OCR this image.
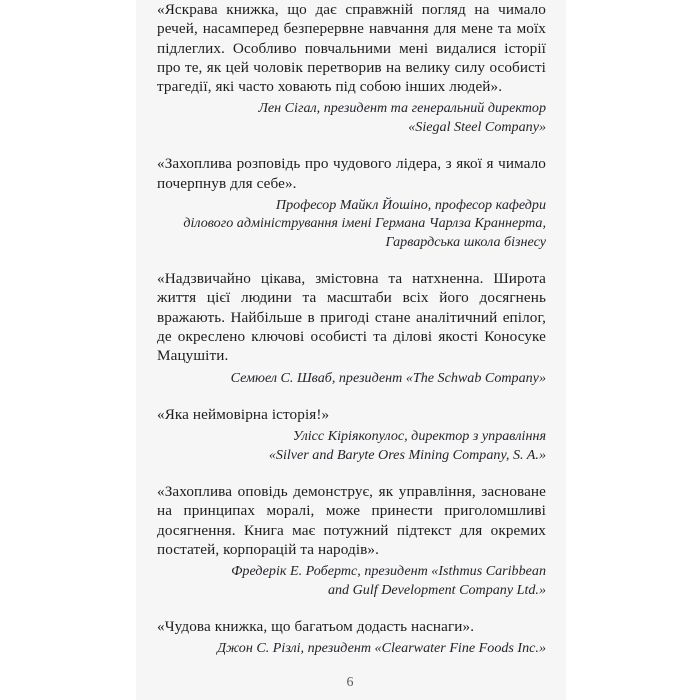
«Яскрава книжка, що дає справжній погляд на чимало речей, насамперед безперервне навчання для мене та моїх підлеглих. Особливо повчальними мені видалися історії про те, як цей чоловік перетворив на велику силу особисті трагедії, які часто ховають під собою інших людей».

Лен Сігал, президент та генеральний директор
«Siegal Steel Company»

«Захоплива розповідь про чудового лідера, з якої я чимало почерпнув для себе».

Професор Майкл Йошіно, професор кафедри
ділового адміністрування імені Германа Чарлза Краннерта,
Гарвардська школа бізнесу

«Надзвичайно цікава, змістовна та натхненна. Широта життя цієї людини та масштаби всіх його досягнень вражають. Найбільше в пригоді стане аналітичний епілог, де окреслено ключові особисті та ділові якості Коносуке Мацушіти.

Семюел С. Шваб, президент «The Schwab Company»

«Яка неймовірна історія!»

Улісс Кіріякопулос, директор з управління
«Silver and Baryte Ores Mining Company, S. A.»

«Захоплива оповідь демонструє, як управління, засноване на принципах моралі, може принести приголомшливі досягнення. Книга має потужний підтекст для окремих постатей, корпорацій та народів».

Фредерік Е. Робертс, президент «Isthmus Caribbean
and Gulf Development Company Ltd.»

«Чудова книжка, що багатьом додасть наснаги».

Джон С. Різлі, президент «Clearwater Fine Foods Inc.»

6
